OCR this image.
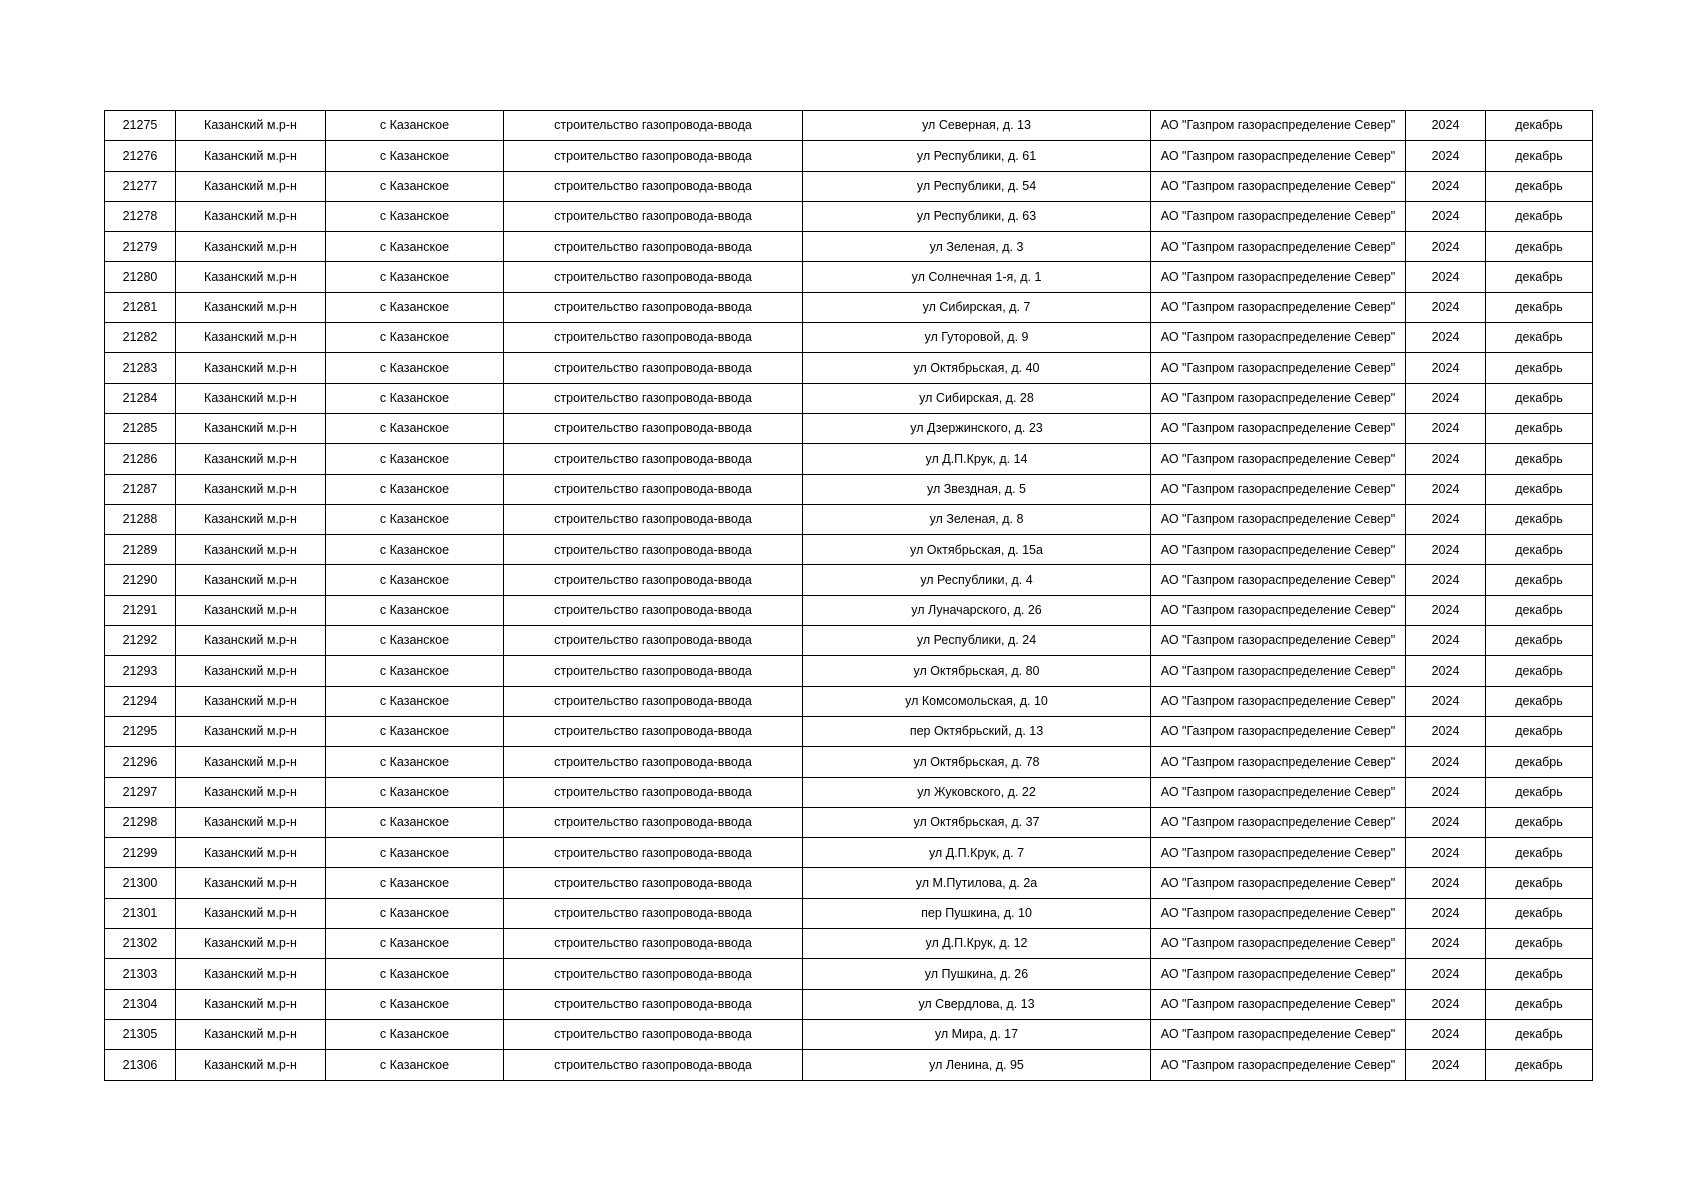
21275	Казанский м.р-н	с Казанское	строительство газопровода-ввода	ул Северная, д. 13	АО "Газпром газораспределение Север"	2024	декабрь
21276	Казанский м.р-н	с Казанское	строительство газопровода-ввода	ул Республики, д. 61	АО "Газпром газораспределение Север"	2024	декабрь
21277	Казанский м.р-н	с Казанское	строительство газопровода-ввода	ул Республики, д. 54	АО "Газпром газораспределение Север"	2024	декабрь
21278	Казанский м.р-н	с Казанское	строительство газопровода-ввода	ул Республики, д. 63	АО "Газпром газораспределение Север"	2024	декабрь
21279	Казанский м.р-н	с Казанское	строительство газопровода-ввода	ул Зеленая, д. 3	АО "Газпром газораспределение Север"	2024	декабрь
21280	Казанский м.р-н	с Казанское	строительство газопровода-ввода	ул Солнечная 1-я, д. 1	АО "Газпром газораспределение Север"	2024	декабрь
21281	Казанский м.р-н	с Казанское	строительство газопровода-ввода	ул Сибирская, д. 7	АО "Газпром газораспределение Север"	2024	декабрь
21282	Казанский м.р-н	с Казанское	строительство газопровода-ввода	ул Гуторовой, д. 9	АО "Газпром газораспределение Север"	2024	декабрь
21283	Казанский м.р-н	с Казанское	строительство газопровода-ввода	ул Октябрьская, д. 40	АО "Газпром газораспределение Север"	2024	декабрь
21284	Казанский м.р-н	с Казанское	строительство газопровода-ввода	ул Сибирская, д. 28	АО "Газпром газораспределение Север"	2024	декабрь
21285	Казанский м.р-н	с Казанское	строительство газопровода-ввода	ул Дзержинского, д. 23	АО "Газпром газораспределение Север"	2024	декабрь
21286	Казанский м.р-н	с Казанское	строительство газопровода-ввода	ул Д.П.Крук, д. 14	АО "Газпром газораспределение Север"	2024	декабрь
21287	Казанский м.р-н	с Казанское	строительство газопровода-ввода	ул Звездная, д. 5	АО "Газпром газораспределение Север"	2024	декабрь
21288	Казанский м.р-н	с Казанское	строительство газопровода-ввода	ул Зеленая, д. 8	АО "Газпром газораспределение Север"	2024	декабрь
21289	Казанский м.р-н	с Казанское	строительство газопровода-ввода	ул Октябрьская, д. 15а	АО "Газпром газораспределение Север"	2024	декабрь
21290	Казанский м.р-н	с Казанское	строительство газопровода-ввода	ул Республики, д. 4	АО "Газпром газораспределение Север"	2024	декабрь
21291	Казанский м.р-н	с Казанское	строительство газопровода-ввода	ул Луначарского, д. 26	АО "Газпром газораспределение Север"	2024	декабрь
21292	Казанский м.р-н	с Казанское	строительство газопровода-ввода	ул Республики, д. 24	АО "Газпром газораспределение Север"	2024	декабрь
21293	Казанский м.р-н	с Казанское	строительство газопровода-ввода	ул Октябрьская, д. 80	АО "Газпром газораспределение Север"	2024	декабрь
21294	Казанский м.р-н	с Казанское	строительство газопровода-ввода	ул Комсомольская, д. 10	АО "Газпром газораспределение Север"	2024	декабрь
21295	Казанский м.р-н	с Казанское	строительство газопровода-ввода	пер Октябрьский, д. 13	АО "Газпром газораспределение Север"	2024	декабрь
21296	Казанский м.р-н	с Казанское	строительство газопровода-ввода	ул Октябрьская, д. 78	АО "Газпром газораспределение Север"	2024	декабрь
21297	Казанский м.р-н	с Казанское	строительство газопровода-ввода	ул Жуковского, д. 22	АО "Газпром газораспределение Север"	2024	декабрь
21298	Казанский м.р-н	с Казанское	строительство газопровода-ввода	ул Октябрьская, д. 37	АО "Газпром газораспределение Север"	2024	декабрь
21299	Казанский м.р-н	с Казанское	строительство газопровода-ввода	ул Д.П.Крук, д. 7	АО "Газпром газораспределение Север"	2024	декабрь
21300	Казанский м.р-н	с Казанское	строительство газопровода-ввода	ул М.Путилова, д. 2а	АО "Газпром газораспределение Север"	2024	декабрь
21301	Казанский м.р-н	с Казанское	строительство газопровода-ввода	пер Пушкина, д. 10	АО "Газпром газораспределение Север"	2024	декабрь
21302	Казанский м.р-н	с Казанское	строительство газопровода-ввода	ул Д.П.Крук, д. 12	АО "Газпром газораспределение Север"	2024	декабрь
21303	Казанский м.р-н	с Казанское	строительство газопровода-ввода	ул Пушкина, д. 26	АО "Газпром газораспределение Север"	2024	декабрь
21304	Казанский м.р-н	с Казанское	строительство газопровода-ввода	ул Свердлова, д. 13	АО "Газпром газораспределение Север"	2024	декабрь
21305	Казанский м.р-н	с Казанское	строительство газопровода-ввода	ул Мира, д. 17	АО "Газпром газораспределение Север"	2024	декабрь
21306	Казанский м.р-н	с Казанское	строительство газопровода-ввода	ул Ленина, д. 95	АО "Газпром газораспределение Север"	2024	декабрь
